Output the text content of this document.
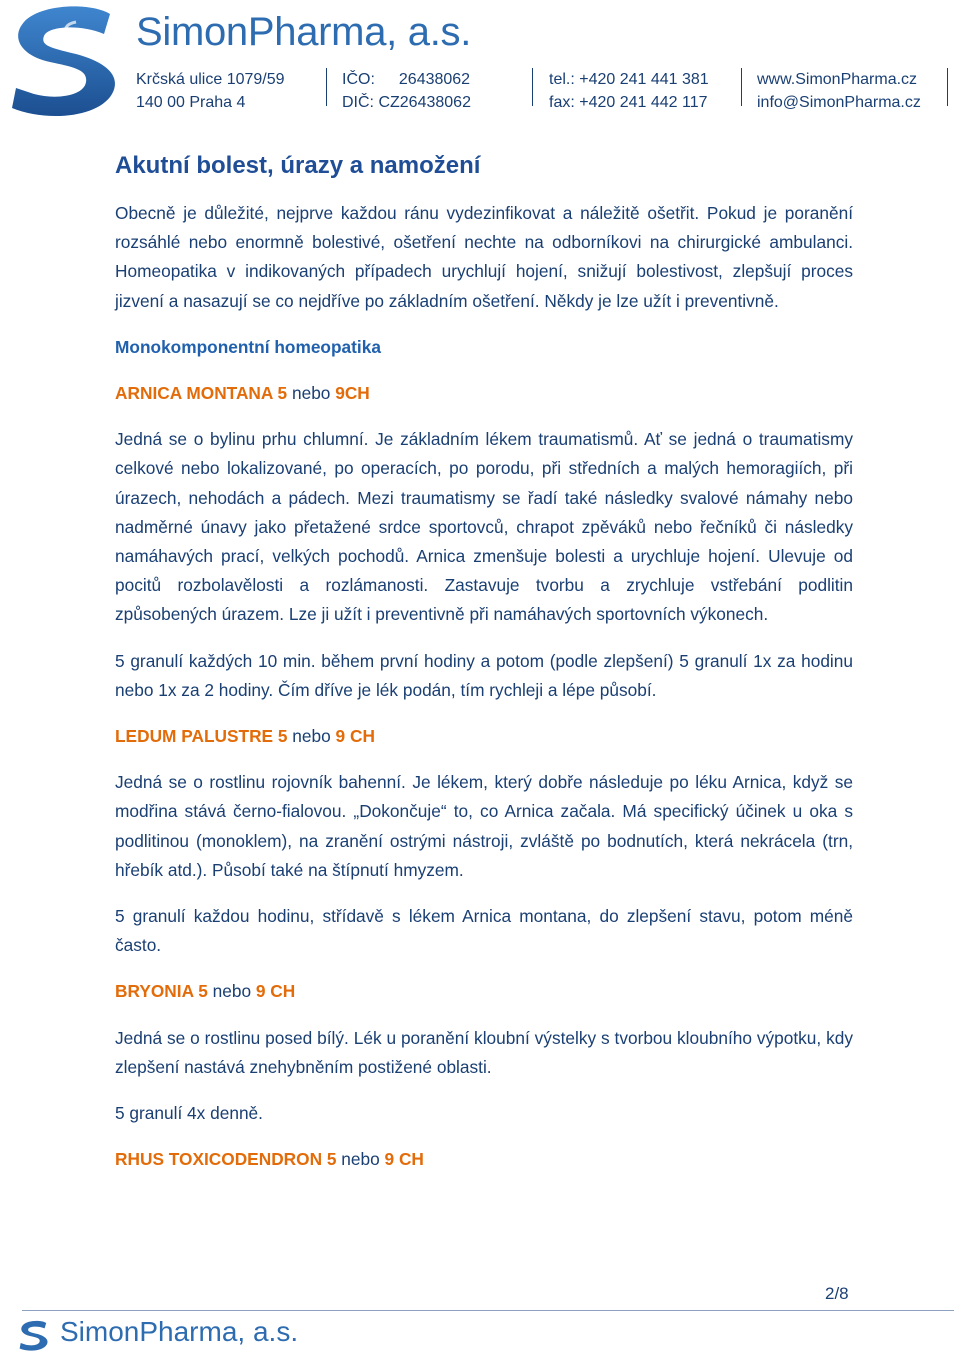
SimonPharma, a.s.
Krčská ulice 1079/59
140 00 Praha 4
IČO: 26438062
DIČ: CZ26438062
tel.: +420 241 441 381
fax: +420 241 442 117
www.SimonPharma.cz
info@SimonPharma.cz
Akutní bolest, úrazy a namožení

Obecně je důležité, nejprve každou ránu vydezinfikovat a náležitě ošetřit. Pokud je poranění rozsáhlé nebo enormně bolestivé, ošetření nechte na odborníkovi na chirurgické ambulanci. Homeopatika v indikovaných případech urychlují hojení, snižují bolestivost, zlepšují proces jizvení a nasazují se co nejdříve po základním ošetření. Někdy je lze užít i preventivně.

Monokomponentní homeopatika

ARNICA MONTANA 5 nebo 9CH

Jedná se o bylinu prhu chlumní. Je základním lékem traumatismů. Ať se jedná o traumatismy celkové nebo lokalizované, po operacích, po porodu, při středních a malých hemoragiích, při úrazech, nehodách a pádech. Mezi traumatismy se řadí také následky svalové námahy nebo nadměrné únavy jako přetažené srdce sportovců, chrapot zpěváků nebo řečníků či následky namáhavých prací, velkých pochodů. Arnica zmenšuje bolesti a urychluje hojení. Ulevuje od pocitů rozbolavělosti a rozlámanosti. Zastavuje tvorbu a zrychluje vstřebání podlitin způsobených úrazem. Lze ji užít i preventivně při namáhavých sportovních výkonech.

5 granulí každých 10 min. během první hodiny a potom (podle zlepšení) 5 granulí 1x za hodinu nebo 1x za 2 hodiny. Čím dříve je lék podán, tím rychleji a lépe působí.

LEDUM PALUSTRE 5 nebo 9 CH

Jedná se o rostlinu rojovník bahenní. Je lékem, který dobře následuje po léku Arnica, když se modřina stává černo-fialovou. „Dokončuje“ to, co Arnica začala. Má specifický účinek u oka s podlitinou (monoklem), na zranění ostrými nástroji, zvláště po bodnutích, která nekrácela (trn, hřebík atd.). Působí také na štípnutí hmyzem.

5 granulí každou hodinu, střídavě s lékem Arnica montana, do zlepšení stavu, potom méně často.

BRYONIA 5 nebo 9 CH

Jedná se o rostlinu posed bílý. Lék u poranění kloubní výstelky s tvorbou kloubního výpotku, kdy zlepšení nastává znehybněním postižené oblasti.

5 granulí 4x denně.

RHUS TOXICODENDRON 5 nebo 9 CH

2/8
SimonPharma, a.s.
